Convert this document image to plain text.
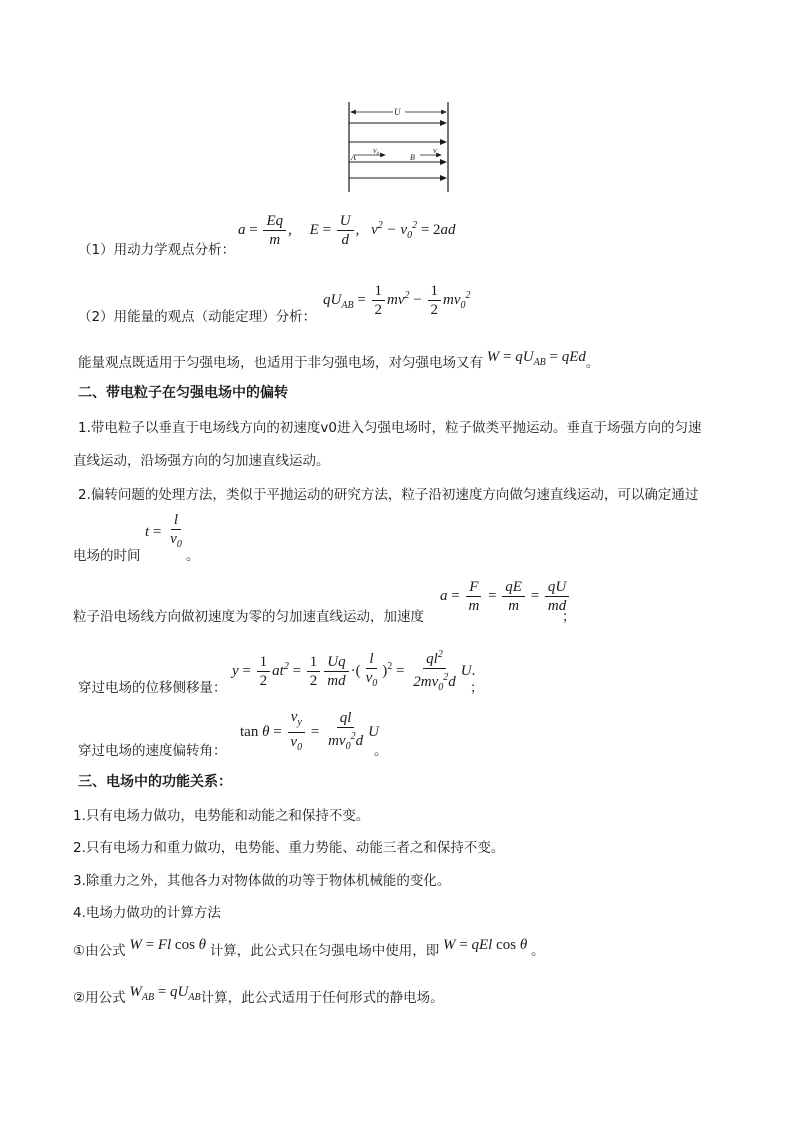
U
A
v₀
B
v
（1）用动力学观点分析：
$a = \frac{Eq}{m}$ , $E = \frac{U}{d}$ , $v^2 - v_0^2 = 2ad$
（2）用能量的观点（动能定理）分析：
$qU_{AB} = \frac{1}{2} mv^2 - \frac{1}{2} mv_0^2$
能量观点既适用于匀强电场，也适用于非匀强电场，对匀强电场又有 $W = qU_{AB}$ = qEd。
二、带电粒子在匀强电场中的偏转
1.带电粒子以垂直于电场线方向的初速度v0进入匀强电场时，粒子做类平抛运动。垂直于场强方向的匀速
直线运动，沿场强方向的匀加速直线运动。
2.偏转问题的处理方法，类似于平抛运动的研究方法，粒子沿初速度方向做匀速直线运动，可以确定通过
电场的时间
$t = \frac{l}{v_0}$
。
粒子沿电场线方向做初速度为零的匀加速直线运动，加速度
$a = \frac{F}{m} = \frac{qE}{m} = \frac{qU}{md}$
；
穿过电场的位移侧移量：
$y = \frac{1}{2} at^2 = \frac{1}{2} \frac{Uq}{md}$ ·( $\frac{l}{v_0} )^2 = \frac{ql^2}{2mv_0^2d} U$.
；
穿过电场的速度偏转角：
$\tan \theta = \frac{v_y}{v_0} = \frac{ql}{mv_0^2d}$ U
。
三、电场中的功能关系：
1.只有电场力做功，电势能和动能之和保持不变。
2.只有电场力和重力做功，电势能、重力势能、动能三者之和保持不变。
3.除重力之外，其他各力对物体做的功等于物体机械能的变化。
4.电场力做功的计算方法
①由公式 W = Fl cos θ 计算，此公式只在匀强电场中使用，即 W = qEl cos θ 。
②用公式 $W_{AB} = qU_{AB}$计算，此公式适用于任何形式的静电场。
